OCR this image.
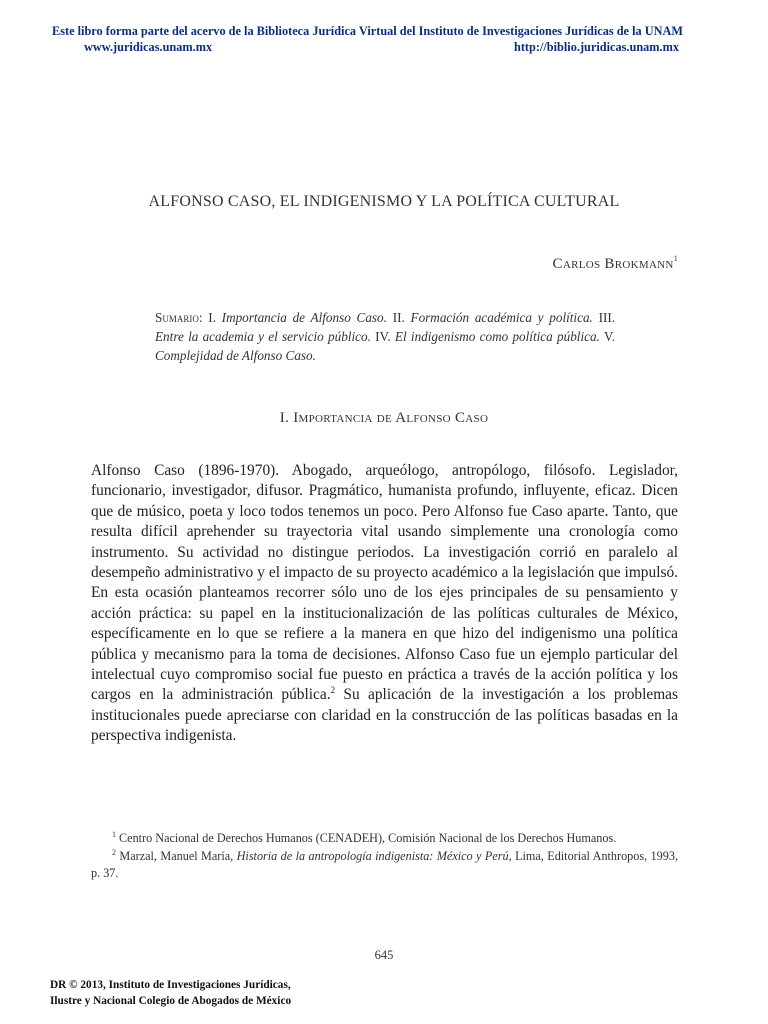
Este libro forma parte del acervo de la Biblioteca Jurídica Virtual del Instituto de Investigaciones Jurídicas de la UNAM
www.juridicas.unam.mx	http://biblio.juridicas.unam.mx
ALFONSO CASO, EL INDIGENISMO Y LA POLÍTICA CULTURAL
Carlos Brokmann$^1$
Sumario: I. Importancia de Alfonso Caso. II. Formación académica y política. III. Entre la academia y el servicio público. IV. El indigenismo como política pública. V. Complejidad de Alfonso Caso.
I. Importancia de Alfonso Caso
Alfonso Caso (1896-1970). Abogado, arqueólogo, antropólogo, filósofo. Legislador, funcionario, investigador, difusor. Pragmático, humanista profundo, influyente, eficaz. Dicen que de músico, poeta y loco todos tenemos un poco. Pero Alfonso fue Caso aparte. Tanto, que resulta difícil aprehender su trayectoria vital usando simplemente una cronología como instrumento. Su actividad no distingue periodos. La investigación corrió en paralelo al desempeño administrativo y el impacto de su proyecto académico a la legislación que impulsó. En esta ocasión planteamos recorrer sólo uno de los ejes principales de su pensamiento y acción práctica: su papel en la institucionalización de las políticas culturales de México, específicamente en lo que se refiere a la manera en que hizo del indigenismo una política pública y mecanismo para la toma de decisiones. Alfonso Caso fue un ejemplo particular del intelectual cuyo compromiso social fue puesto en práctica a través de la acción política y los cargos en la administración pública.$^2$ Su aplicación de la investigación a los problemas institucionales puede apreciarse con claridad en la construcción de las políticas basadas en la perspectiva indigenista.

$^1$ Centro Nacional de Derechos Humanos (CENADEH), Comisión Nacional de los Derechos Humanos.

$^2$ Marzal, Manuel María, Historia de la antropología indigenista: México y Perú, Lima, Editorial Anthropos, 1993, p. 37.

645
DR © 2013, Instituto de Investigaciones Jurídicas,
Ilustre y Nacional Colegio de Abogados de México
